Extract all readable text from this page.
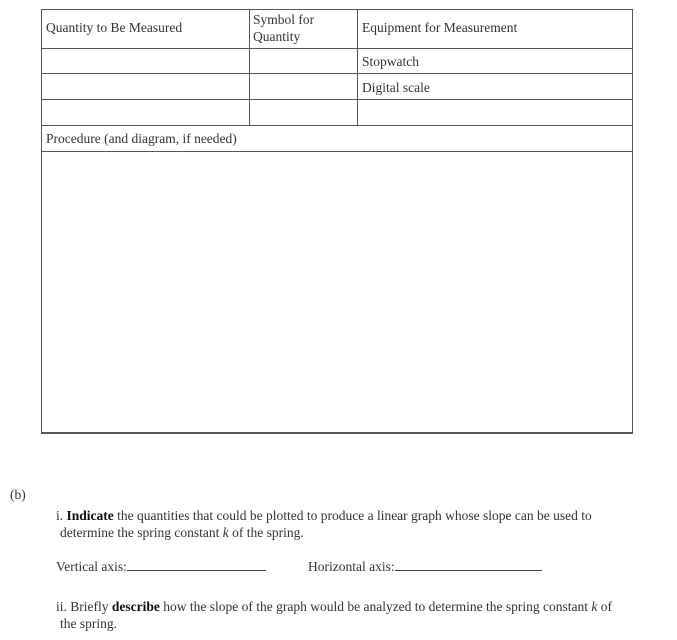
Quantity to Be Measured
Symbol for
Quantity
Equipment for Measurement
Stopwatch
Digital scale
Procedure (and diagram, if needed)
(b)
i. Indicate the quantities that could be plotted to produce a linear graph whose slope can be used to
determine the spring constant k of the spring.
Vertical axis:	Horizontal axis:
ii. Briefly describe how the slope of the graph would be analyzed to determine the spring constant k of
the spring.
